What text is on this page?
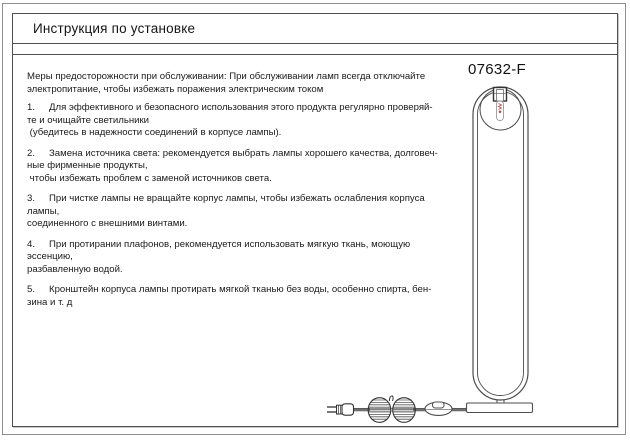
Инструкция по установке
Меры предосторожности при обслуживании: При обслуживании ламп всегда отключайте
электропитание, чтобы избежать поражения электрическим током
1. Для эффективного и безопасного использования этого продукта регулярно проверяй-
те и очищайте светильники
(убедитесь в надежности соединений в корпусе лампы).
2. Замена источника света: рекомендуется выбрать лампы хорошего качества, долговеч-
ные фирменные продукты,
чтобы избежать проблем с заменой источников света.
3. При чистке лампы не вращайте корпус лампы, чтобы избежать ослабления корпуса
лампы,
соединенного с внешними винтами.
4. При протирании плафонов, рекомендуется использовать мягкую ткань, моющую
эссенцию,
разбавленную водой.
5. Кронштейн корпуса лампы протирать мягкой тканью без воды, особенно спирта, бен-
зина и т. д
07632-F
